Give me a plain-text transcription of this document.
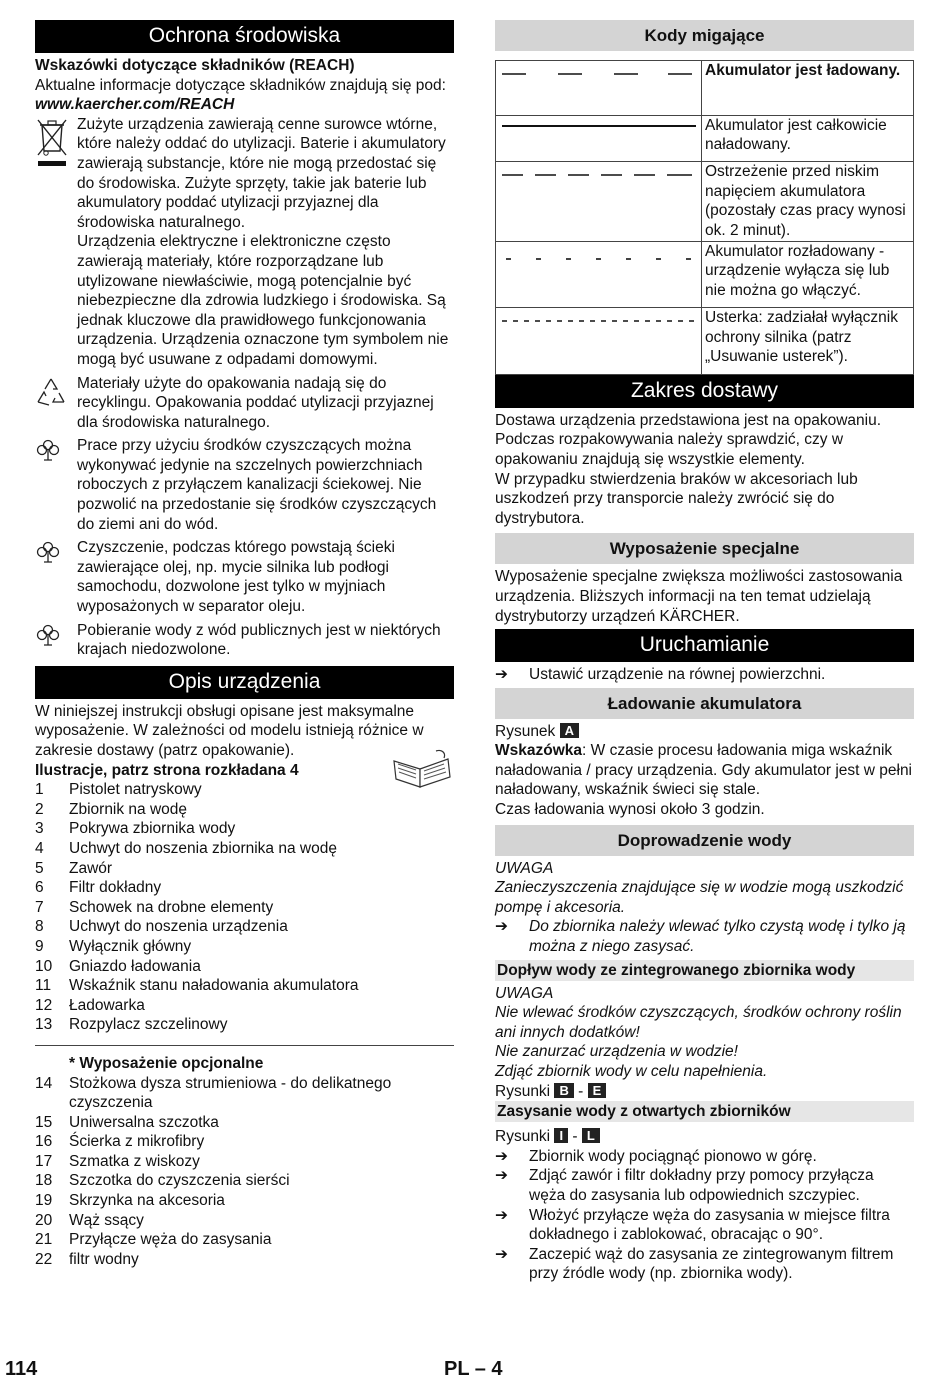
Ochrona środowiska

Wskazówki dotyczące składników (REACH)

Aktualne informacje dotyczące składników znajdują się pod:

www.kaercher.com/REACH

Zużyte urządzenia zawierają cenne surowce wtórne, które należy oddać do utylizacji. Baterie i akumulatory zawierają substancje, które nie mogą przedostać się do środowiska. Zużyte sprzęty, takie jak baterie lub akumulatory poddać utylizacji przyjaznej dla środowiska naturalnego.

Urządzenia elektryczne i elektroniczne często zawierają materiały, które rozporządzane lub utylizowane niewłaściwie, mogą potencjalnie być niebezpieczne dla zdrowia ludzkiego i środowiska. Są jednak kluczowe dla prawidłowego funkcjonowania urządzenia. Urządzenia oznaczone tym symbolem nie mogą być usuwane z odpadami domowymi.

Materiały użyte do opakowania nadają się do recyklingu. Opakowania poddać utylizacji przyjaznej dla środowiska naturalnego.

Prace przy użyciu środków czyszczących można wykonywać jedynie na szczelnych powierzchniach roboczych z przyłączem kanalizacji ściekowej. Nie pozwolić na przedostanie się środków czyszczących do ziemi ani do wód.

Czyszczenie, podczas którego powstają ścieki zawierające olej, np. mycie silnika lub podłogi samochodu, dozwolone jest tylko w myjniach wyposażonych w separator oleju.

Pobieranie wody z wód publicznych jest w niektórych krajach niedozwolone.

Opis urządzenia

W niniejszej instrukcji obsługi opisane jest maksymalne wyposażenie. W zależności od modelu istnieją różnice w zakresie dostawy (patrz opakowanie).

Ilustracje, patrz strona rozkładana 4

1	Pistolet natryskowy
2	Zbiornik na wodę
3	Pokrywa zbiornika wody
4	Uchwyt do noszenia zbiornika na wodę
5	Zawór
6	Filtr dokładny
7	Schowek na drobne elementy
8	Uchwyt do noszenia urządzenia
9	Wyłącznik główny
10	Gniazdo ładowania
11	Wskaźnik stanu naładowania akumulatora
12	Ładowarka
13	Rozpylacz szczelinowy
* Wyposażenie opcjonalne
14	Stożkowa dysza strumieniowa - do delikatnego czyszczenia
15	Uniwersalna szczotka
16	Ścierka z mikrofibry
17	Szmatka z wiskozy
18	Szczotka do czyszczenia sierści
19	Skrzynka na akcesoria
20	Wąż ssący
21	Przyłącze węża do zasysania
22	filtr wodny
Kody migające
	Akumulator jest ładowany.
	Akumulator jest całkowicie naładowany.
	Ostrzeżenie przed niskim napięciem akumulatora (pozostały czas pracy wynosi ok. 2 minut).
	Akumulator rozładowany - urządzenie wyłącza się lub nie można go włączyć.
	Usterka: zadziałał wyłącznik ochrony silnika (patrz „Usuwanie usterek”).
Zakres dostawy

Dostawa urządzenia przedstawiona jest na opakowaniu. Podczas rozpakowywania należy sprawdzić, czy w opakowaniu znajdują się wszystkie elementy.

W przypadku stwierdzenia braków w akcesoriach lub uszkodzeń przy transporcie należy zwrócić się do dystrybutora.

Wyposażenie specjalne

Wyposażenie specjalne zwiększa możliwości zastosowania urządzenia. Bliższych informacji na ten temat udzielają dystrybutorzy urządzeń KÄRCHER.

Uruchamianie
➔	Ustawić urządzenie na równej powierzchni.
Ładowanie akumulatora

Rysunek A

Wskazówka: W czasie procesu ładowania miga wskaźnik naładowania / pracy urządzenia. Gdy akumulator jest w pełni naładowany, wskaźnik świeci się stale.

Czas ładowania wynosi około 3 godzin.

Doprowadzenie wody

UWAGA

Zanieczyszczenia znajdujące się w wodzie mogą uszkodzić pompę i akcesoria.

➔	Do zbiornika należy wlewać tylko czystą wodę i tylko ją można z niego zasysać.
Dopływ wody ze zintegrowanego zbiornika wody

UWAGA

Nie wlewać środków czyszczących, środków ochrony roślin ani innych dodatków!

Nie zanurzać urządzenia w wodzie!

Zdjąć zbiornik wody w celu napełnienia.

Rysunki B - E

Zasysanie wody z otwartych zbiorników

Rysunki I - L

➔	Zbiornik wody pociągnąć pionowo w górę.
➔	Zdjąć zawór i filtr dokładny przy pomocy przyłącza węża do zasysania lub odpowiednich szczypiec.
➔	Włożyć przyłącze węża do zasysania w miejsce filtra dokładnego i zablokować, obracając o 90°.
➔	Zaczepić wąż do zasysania ze zintegrowanym filtrem przy źródle wody (np. zbiornika wody).
114	PL – 4
